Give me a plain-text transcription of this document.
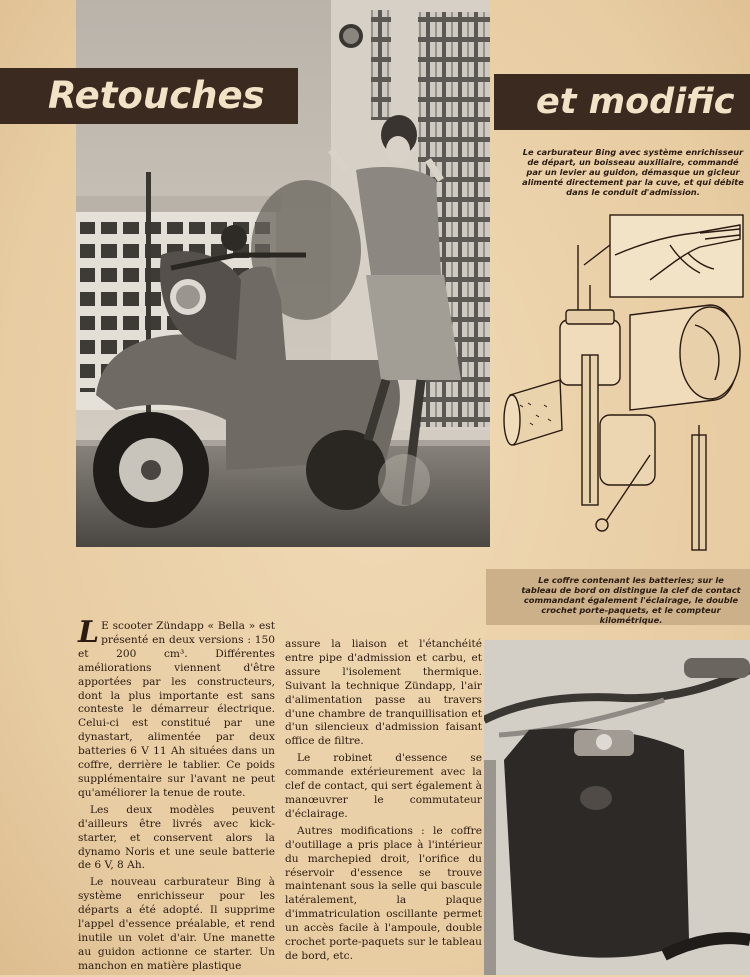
Retouches	et modific
Le carburateur Bing avec système enrichisseur de départ, un boisseau auxiliaire, commandé par un levier au guidon, démasque un gicleur alimenté directement par la cuve, et qui débite dans le conduit d'admission.
Le coffre contenant les batteries; sur le tableau de bord on distingue la clef de contact commandant également l'éclairage, le double crochet porte-paquets, et le compteur kilométrique.

L E scooter Zündapp « Bella » est présenté en deux versions : 150 et 200 cm³. Différentes améliorations viennent d'être apportées par les constructeurs, dont la plus importante est sans conteste le démarreur électrique. Celui-ci est constitué par une dynastart, alimentée par deux batteries 6 V 11 Ah situées dans un coffre, derrière le tablier. Ce poids supplémentaire sur l'avant ne peut qu'améliorer la tenue de route.

Les deux modèles peuvent d'ailleurs être livrés avec kick-starter, et conservent alors la dynamo Noris et une seule batterie de 6 V, 8 Ah.

Le nouveau carburateur Bing à système enrichisseur pour les départs a été adopté. Il supprime l'appel d'essence préalable, et rend inutile un volet d'air. Une manette au guidon actionne ce starter. Un manchon en matière plastique

assure la liaison et l'étanchéité entre pipe d'admission et carbu, et assure l'isolement thermique. Suivant la technique Zündapp, l'air d'alimentation passe au travers d'une chambre de tranquillisation et d'un silencieux d'admission faisant office de filtre.

Le robinet d'essence se commande extérieurement avec la clef de contact, qui sert également à manœuvrer le commutateur d'éclairage.

Autres modifications : le coffre d'outillage a pris place à l'intérieur du marchepied droit, l'orifice du réservoir d'essence se trouve maintenant sous la selle qui bascule latéralement, la plaque d'immatriculation oscillante permet un accès facile à l'ampoule, double crochet porte-paquets sur le tableau de bord, etc.
